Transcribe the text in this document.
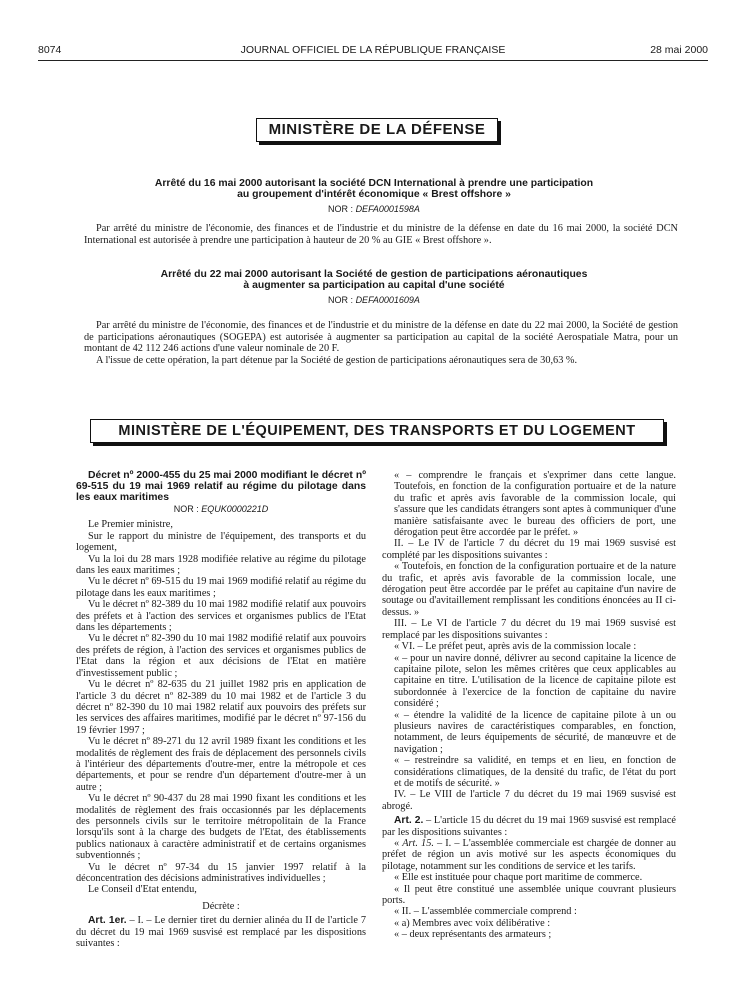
8074	JOURNAL OFFICIEL DE LA RÉPUBLIQUE FRANÇAISE	28 mai 2000
MINISTÈRE DE LA DÉFENSE
Arrêté du 16 mai 2000 autorisant la société DCN International à prendre une participation
au groupement d'intérêt économique « Brest offshore »
NOR : DEFA0001598A

Par arrêté du ministre de l'économie, des finances et de l'industrie et du ministre de la défense en date du 16 mai 2000, la société DCN International est autorisée à prendre une participation à hauteur de 20 % au GIE « Brest offshore ».

Arrêté du 22 mai 2000 autorisant la Société de gestion de participations aéronautiques
à augmenter sa participation au capital d'une société
NOR : DEFA0001609A

Par arrêté du ministre de l'économie, des finances et de l'industrie et du ministre de la défense en date du 22 mai 2000, la Société de gestion de participations aéronautiques (SOGEPA) est autorisée à augmenter sa participation au capital de la société Aerospatiale Matra, pour un montant de 42 112 246 actions d'une valeur nominale de 20 F.

A l'issue de cette opération, la part détenue par la Société de gestion de participations aéronautiques sera de 30,63 %.

MINISTÈRE DE L'ÉQUIPEMENT, DES TRANSPORTS ET DU LOGEMENT

Décret nº 2000-455 du 25 mai 2000 modifiant le décret nº 69-515 du 19 mai 1969 relatif au régime du pilotage dans les eaux maritimes

NOR : EQUK0000221D

Le Premier ministre,

Sur le rapport du ministre de l'équipement, des transports et du logement,

Vu la loi du 28 mars 1928 modifiée relative au régime du pilotage dans les eaux maritimes ;

Vu le décret nº 69-515 du 19 mai 1969 modifié relatif au régime du pilotage dans les eaux maritimes ;

Vu le décret nº 82-389 du 10 mai 1982 modifié relatif aux pouvoirs des préfets et à l'action des services et organismes publics de l'Etat dans les départements ;

Vu le décret nº 82-390 du 10 mai 1982 modifié relatif aux pouvoirs des préfets de région, à l'action des services et organismes publics de l'Etat dans la région et aux décisions de l'Etat en matière d'investissement public ;

Vu le décret nº 82-635 du 21 juillet 1982 pris en application de l'article 3 du décret nº 82-389 du 10 mai 1982 et de l'article 3 du décret nº 82-390 du 10 mai 1982 relatif aux pouvoirs des préfets sur les services des affaires maritimes, modifié par le décret nº 97-156 du 19 février 1997 ;

Vu le décret nº 89-271 du 12 avril 1989 fixant les conditions et les modalités de règlement des frais de déplacement des personnels civils à l'intérieur des départements d'outre-mer, entre la métropole et ces départements, et pour se rendre d'un département d'outre-mer à un autre ;

Vu le décret nº 90-437 du 28 mai 1990 fixant les conditions et les modalités de règlement des frais occasionnés par les déplacements des personnels civils sur le territoire métropolitain de la France lorsqu'ils sont à la charge des budgets de l'Etat, des établissements publics nationaux à caractère administratif et de certains organismes subventionnés ;

Vu le décret nº 97-34 du 15 janvier 1997 relatif à la déconcentration des décisions administratives individuelles ;

Le Conseil d'Etat entendu,

Décrète :

Art. 1er. – I. – Le dernier tiret du dernier alinéa du II de l'article 7 du décret du 19 mai 1969 susvisé est remplacé par les dispositions suivantes :

« – comprendre le français et s'exprimer dans cette langue. Toutefois, en fonction de la configuration portuaire et de la nature du trafic et après avis favorable de la commission locale, qui s'assure que les candidats étrangers sont aptes à communiquer d'une manière satisfaisante avec le bureau des officiers de port, une dérogation peut être accordée par le préfet. »

II. – Le IV de l'article 7 du décret du 19 mai 1969 susvisé est complété par les dispositions suivantes :

« Toutefois, en fonction de la configuration portuaire et de la nature du trafic, et après avis favorable de la commission locale, une dérogation peut être accordée par le préfet au capitaine d'un navire de soutage ou d'avitaillement remplissant les conditions énoncées au II ci-dessus. »

III. – Le VI de l'article 7 du décret du 19 mai 1969 susvisé est remplacé par les dispositions suivantes :

« VI. – Le préfet peut, après avis de la commission locale :

« – pour un navire donné, délivrer au second capitaine la licence de capitaine pilote, selon les mêmes critères que ceux applicables au capitaine en titre. L'utilisation de la licence de capitaine pilote est subordonnée à l'exercice de la fonction de capitaine du navire considéré ;

« – étendre la validité de la licence de capitaine pilote à un ou plusieurs navires de caractéristiques comparables, en fonction, notamment, de leurs équipements de sécurité, de manœuvre et de navigation ;

« – restreindre sa validité, en temps et en lieu, en fonction de considérations climatiques, de la densité du trafic, de l'état du port et de motifs de sécurité. »

IV. – Le VIII de l'article 7 du décret du 19 mai 1969 susvisé est abrogé.

Art. 2. – L'article 15 du décret du 19 mai 1969 susvisé est remplacé par les dispositions suivantes :

« Art. 15. – I. – L'assemblée commerciale est chargée de donner au préfet de région un avis motivé sur les aspects économiques du pilotage, notamment sur les conditions de service et les tarifs.

« Elle est instituée pour chaque port maritime de commerce.

« Il peut être constitué une assemblée unique couvrant plusieurs ports.

« II. – L'assemblée commerciale comprend :

« a) Membres avec voix délibérative :

« – deux représentants des armateurs ;
